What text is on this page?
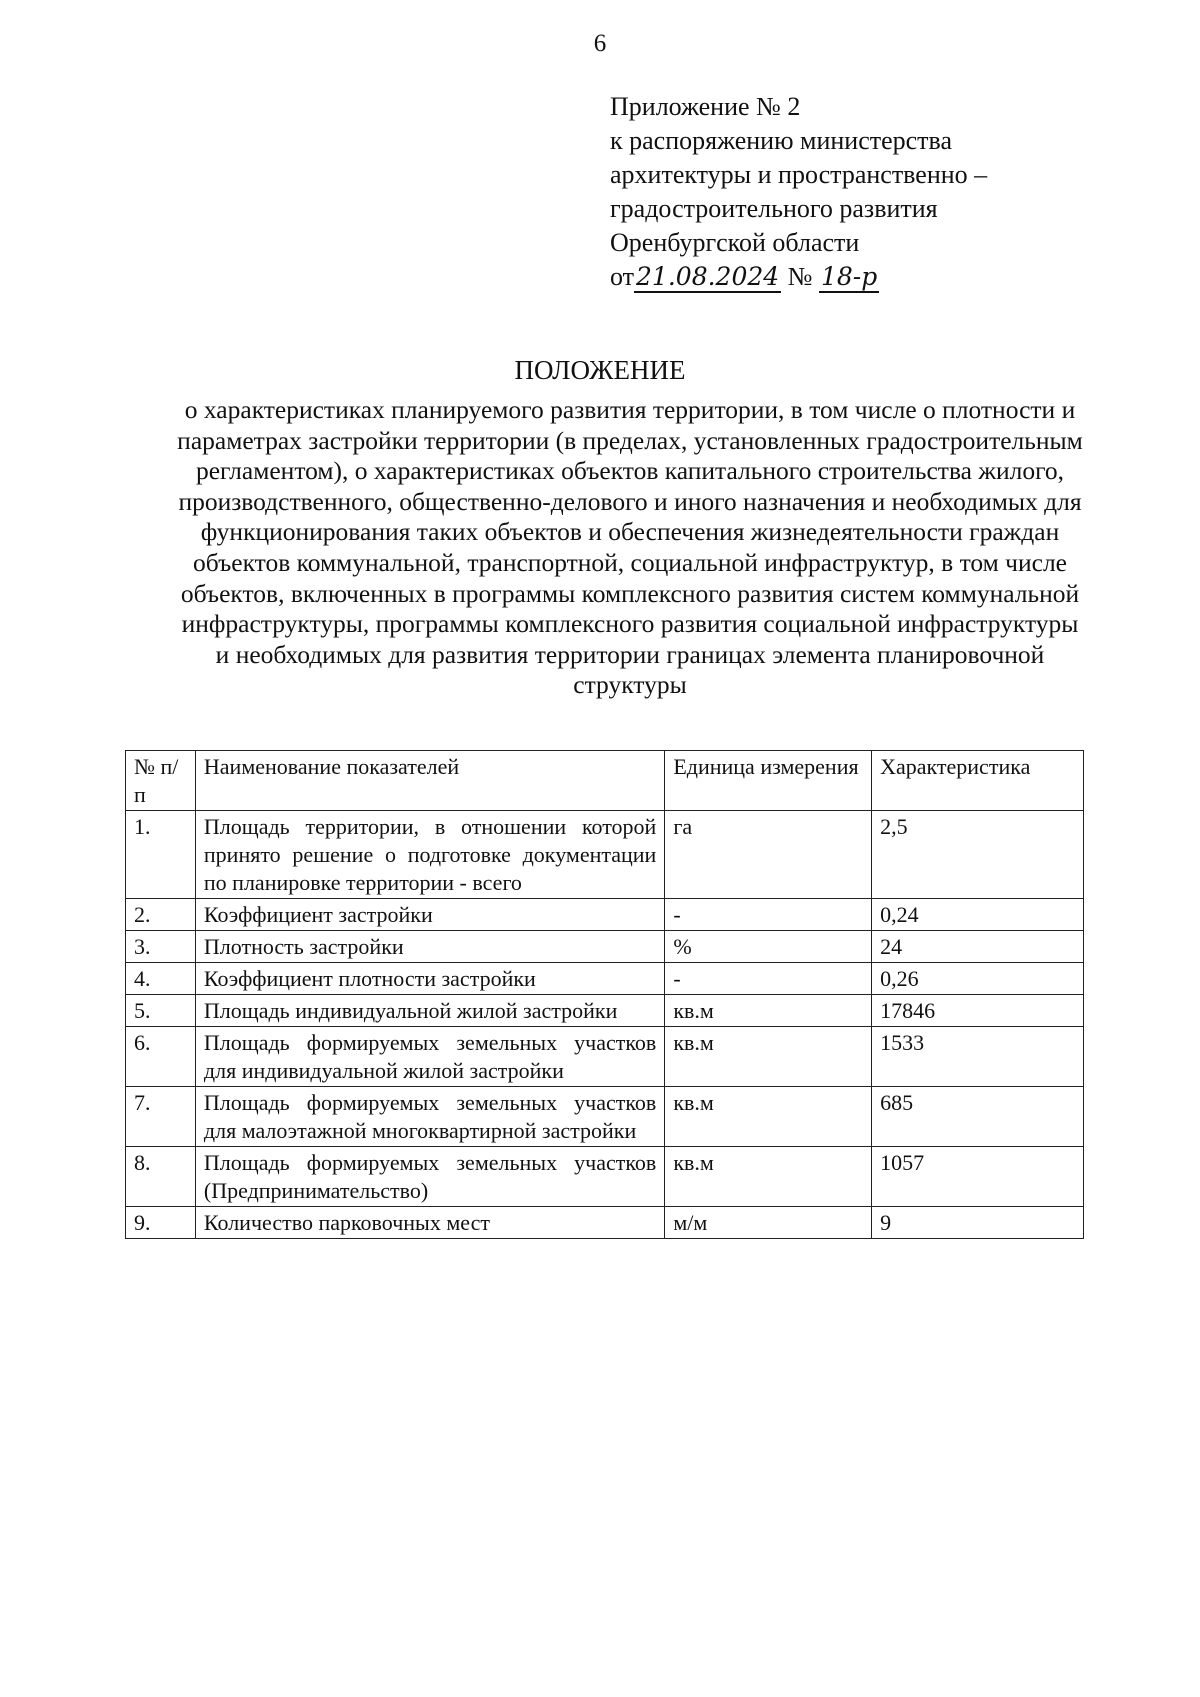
6
Приложение № 2
к распоряжению министерства
архитектуры и пространственно –
градостроительного развития
Оренбургской области
от21.08.2024 № 18-р
ПОЛОЖЕНИЕ
о характеристиках планируемого развития территории, в том числе о плотности и
параметрах застройки территории (в пределах, установленных градостроительным
регламентом), о характеристиках объектов капитального строительства жилого,
производственного, общественно-делового и иного назначения и необходимых для
функционирования таких объектов и обеспечения жизнедеятельности граждан
объектов коммунальной, транспортной, социальной инфраструктур, в том числе
объектов, включенных в программы комплексного развития систем коммунальной
инфраструктуры, программы комплексного развития социальной инфраструктуры
и необходимых для развития территории границах элемента планировочной
структуры
№ п/п	Наименование показателей	Единица измерения	Характеристика
1.	Площадь территории, в отношении которой принято решение о подготовке документации по планировке территории - всего	га	2,5
2.	Коэффициент застройки	-	0,24
3.	Плотность застройки	%	24
4.	Коэффициент плотности застройки	-	0,26
5.	Площадь индивидуальной жилой застройки	кв.м	17846
6.	Площадь формируемых земельных участков для индивидуальной жилой застройки	кв.м	1533
7.	Площадь формируемых земельных участков для малоэтажной многоквартирной застройки	кв.м	685
8.	Площадь формируемых земельных участков (Предпринимательство)	кв.м	1057
9.	Количество парковочных мест	м/м	9
